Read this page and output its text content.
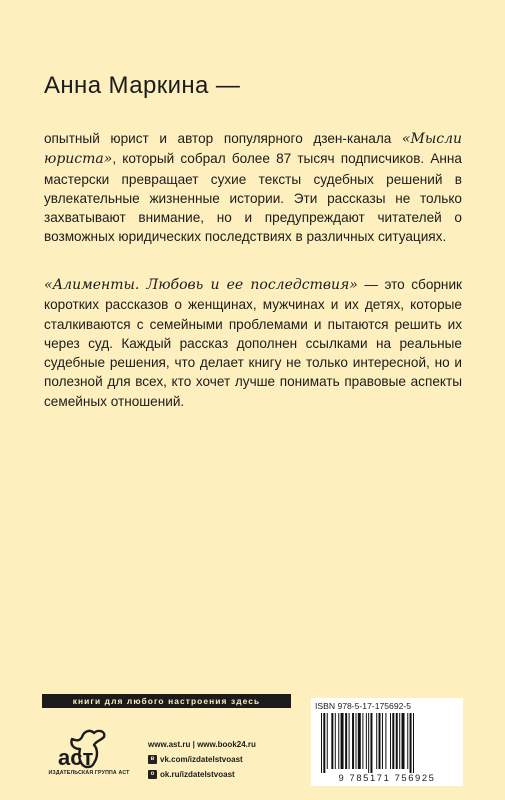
Анна Маркина —

опытный юрист и автор популярного дзен-канала «Мысли юриста», который собрал более 87 тысяч подписчиков. Анна мастерски превращает сухие тексты судебных решений в увлекательные жизненные истории. Эти рассказы не только захватывают внимание, но и предупреждают читателей о возможных юридических последствиях в различных ситуациях.

«Алименты. Любовь и ее последствия» — это сборник коротких рассказов о женщинах, мужчинах и их детях, которые сталкиваются с семейными проблемами и пытаются решить их через суд. Каждый рассказ дополнен ссылками на реальные судебные решения, что делает книгу не только интересной, но и полезной для всех, кто хочет лучше понимать правовые аспекты семейных отношений.

книги для любого настроения здесь
аст
ИЗДАТЕЛЬСКАЯ ГРУППА АСТ
www.ast.ru | www.book24.ru
в vk.com/izdatelstvoast
о ok.ru/izdatelstvoast
ISBN 978-5-17-175692-5
9 785171 756925
